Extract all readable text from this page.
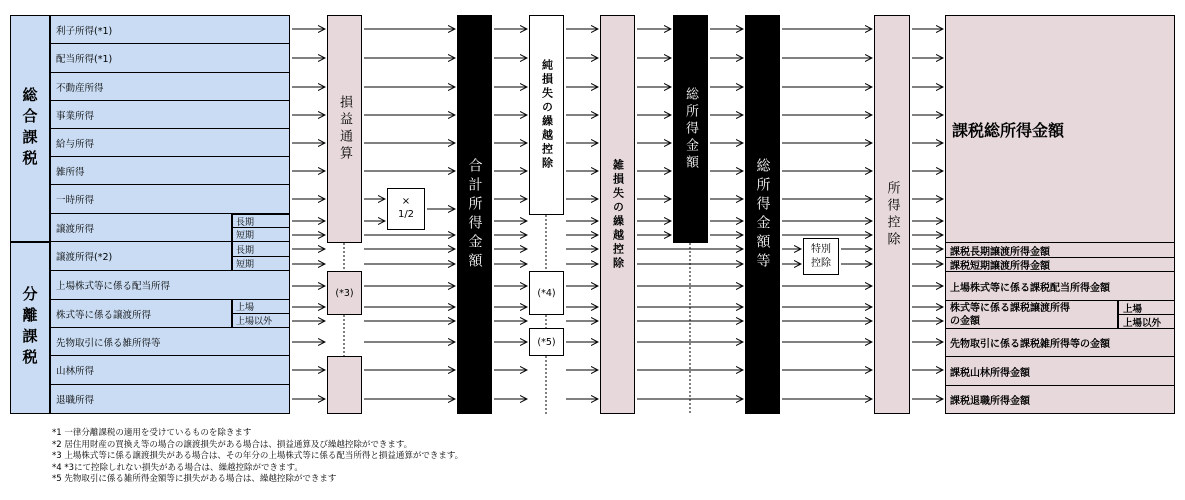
総合課税
分離課税
利子所得(*1)
配当所得(*1)
不動産所得
事業所得
給与所得
雑所得
一時所得
譲渡所得
長期
短期
譲渡所得(*2)
長期
短期
上場株式等に係る配当所得
株式等に係る譲渡所得
上場
上場以外
先物取引に係る雑所得等
山林所得
退職所得
損益通算
(*3)
×
1/2	合計所得金額
純損失の繰越控除
(*4)
(*5)
雑損失の繰越控除
総所得金額
総所得金額等	特別控除
所得控除
課税総所得金額
課税長期譲渡所得金額
課税短期譲渡所得金額
上場株式等に係る課税配当所得金額
株式等に係る課税譲渡所得
の金額
上場
上場以外
先物取引に係る課税雑所得等の金額
課税山林所得金額
課税退職所得金額
*1 一律分離課税の適用を受けているものを除きます
*2 居住用財産の買換え等の場合の譲渡損失がある場合は、損益通算及び繰越控除ができます。
*3 上場株式等に係る譲渡損失がある場合は、その年分の上場株式等に係る配当所得と損益通算ができます。
*4 *3にて控除しれない損失がある場合は、繰越控除ができます。
*5 先物取引に係る雑所得金額等に損失がある場合は、繰越控除ができます
